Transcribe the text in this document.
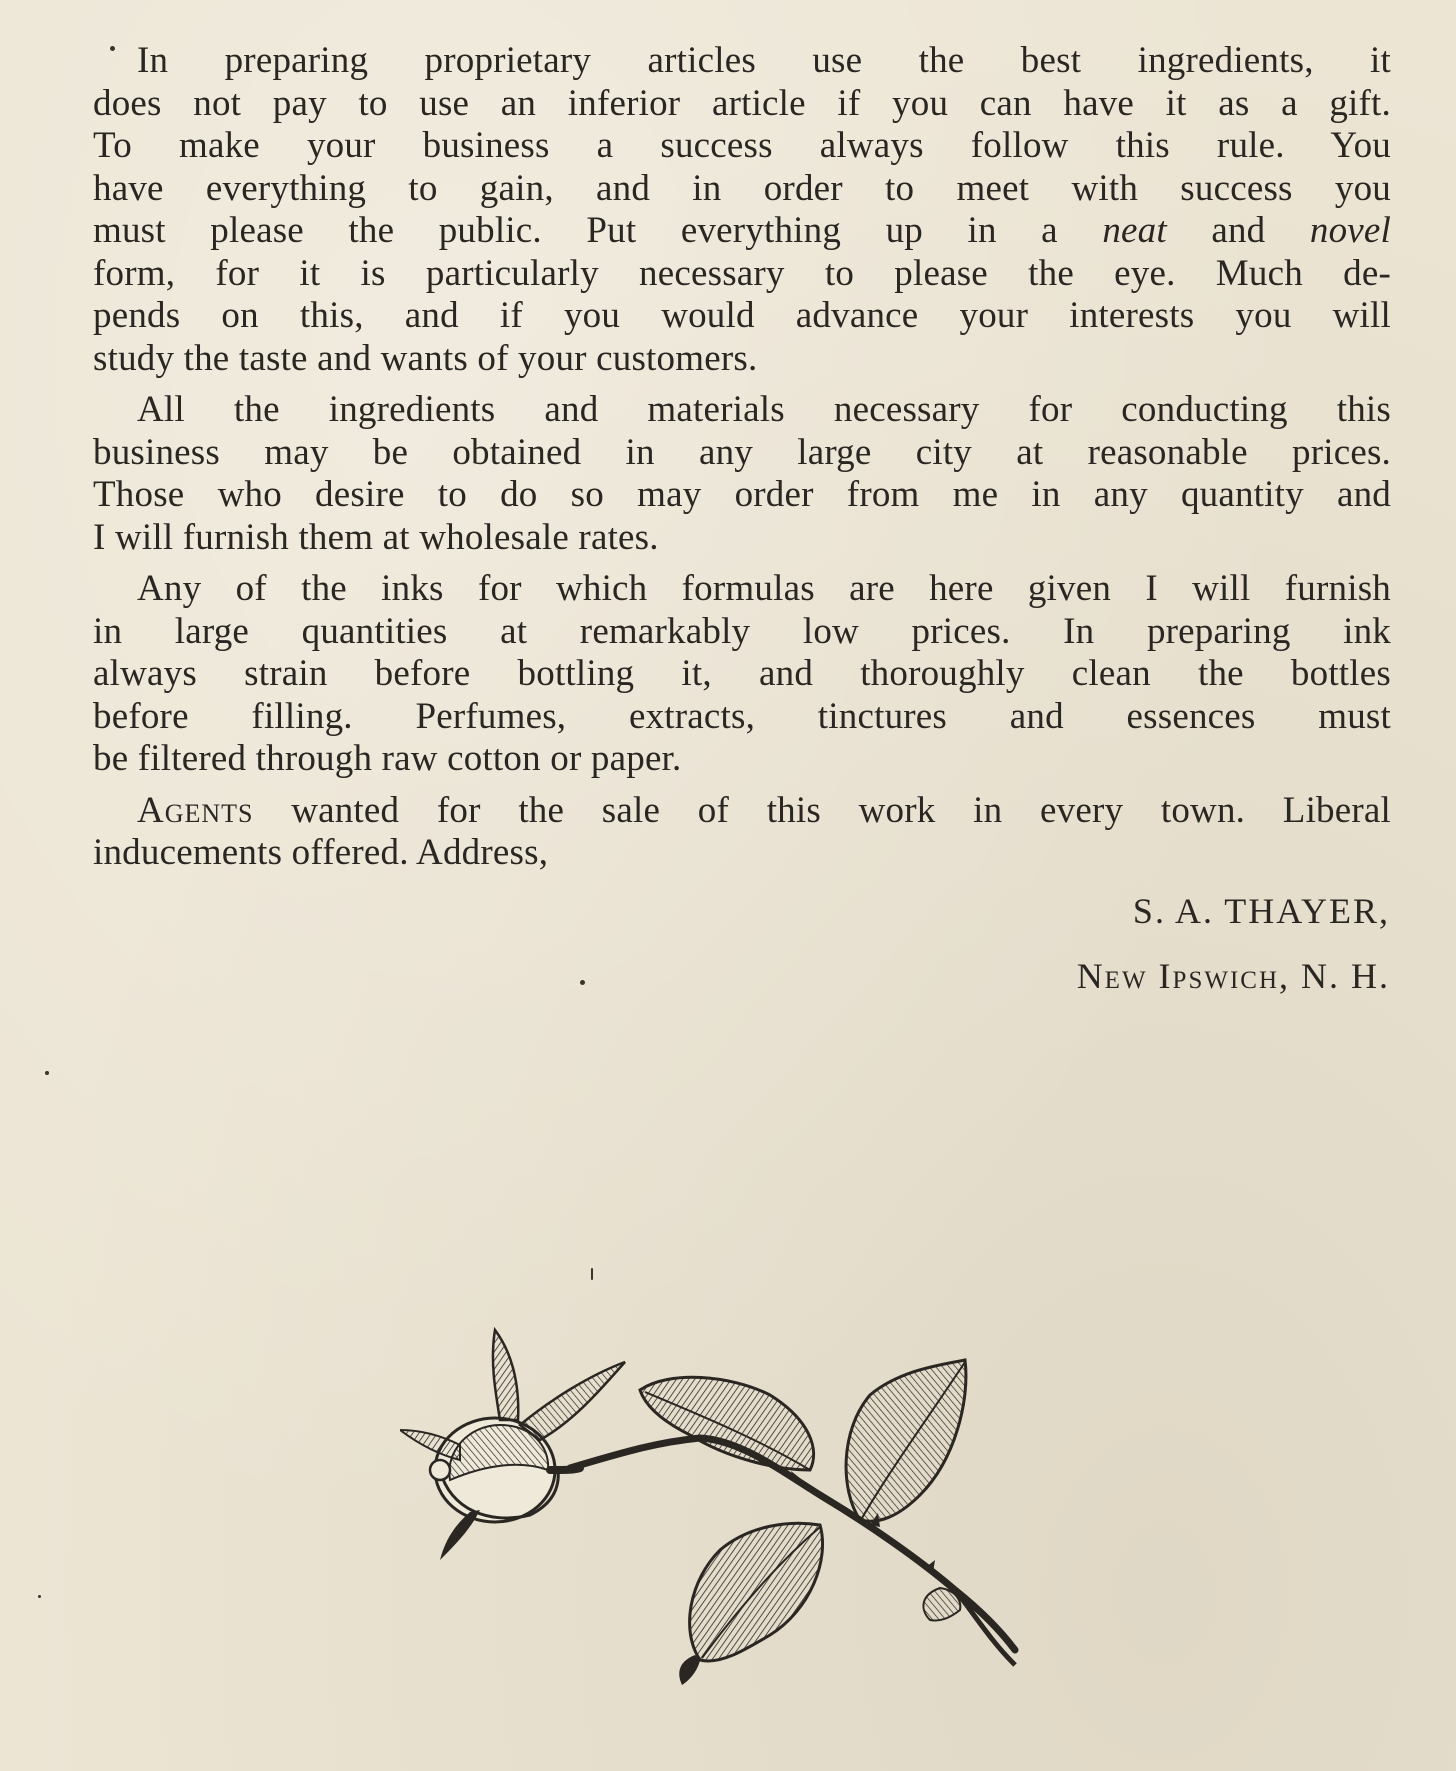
In preparing proprietary articles use the best ingredients, it
does not pay to use an inferior article if you can have it as a gift.
To make your business a success always follow this rule. You
have everything to gain, and in order to meet with success you
must please the public. Put everything up in a neat and novel
form, for it is particularly necessary to please the eye. Much de-
pends on this, and if you would advance your interests you will
study the taste and wants of your customers.

All the ingredients and materials necessary for conducting this
business may be obtained in any large city at reasonable prices.
Those who desire to do so may order from me in any quantity and
I will furnish them at wholesale rates.

Any of the inks for which formulas are here given I will furnish
in large quantities at remarkably low prices. In preparing ink
always strain before bottling it, and thoroughly clean the bottles
before filling. Perfumes, extracts, tinctures and essences must
be filtered through raw cotton or paper.

Agents wanted for the sale of this work in every town. Liberal
inducements offered. Address,

S. A. THAYER,
New Ipswich, N. H.
